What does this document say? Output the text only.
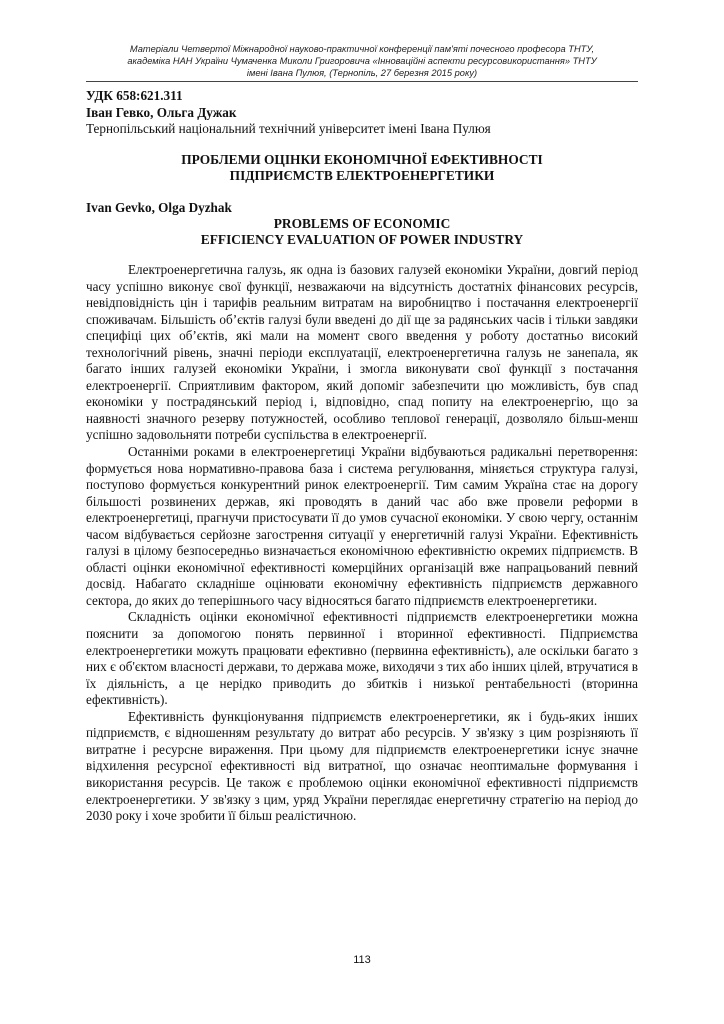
Матеріали Четвертої Міжнародної науково-практичної конференції пам'яті почесного професора ТНТУ,
академіка НАН України Чумаченка Миколи Григоровича «Інноваційні аспекти ресурсовикористання» ТНТУ
імені Івана Пулюя, (Тернопіль, 27 березня 2015 року)
УДК 658:621.311
Іван Гевко, Ольга Дужак
Тернопільський національний технічний університет імені Івана Пулюя
ПРОБЛЕМИ ОЦІНКИ ЕКОНОМІЧНОЇ ЕФЕКТИВНОСТІ
ПІДПРИЄМСТВ ЕЛЕКТРОЕНЕРГЕТИКИ
Ivan Gevko, Olga Dyzhak
PROBLEMS OF ECONOMIC
EFFICIENCY EVALUATION OF POWER INDUSTRY

Електроенергетична галузь, як одна із базових галузей економіки України, довгий період часу успішно виконує свої функції, незважаючи на відсутність достатніх фінансових ресурсів, невідповідність цін і тарифів реальним витратам на виробництво і постачання електроенергії споживачам. Більшість об’єктів галузі були введені до дії ще за радянських часів і тільки завдяки специфіці цих об’єктів, які мали на момент свого введення у роботу достатньо високий технологічний рівень, значні періоди експлуатації, електроенергетична галузь не занепала, як багато інших галузей економіки України, і змогла виконувати свої функції з постачання електроенергії. Сприятливим фактором, який допоміг забезпечити цю можливість, був спад економіки у пострадянський період і, відповідно, спад попиту на електроенергію, що за наявності значного резерву потужностей, особливо теплової генерації, дозволяло більш-менш успішно задовольняти потреби суспільства в електроенергії.

Останніми роками в електроенергетиці України відбуваються радикальні перетворення: формується нова нормативно-правова база і система регулювання, міняється структура галузі, поступово формується конкурентний ринок електроенергії. Тим самим Україна стає на дорогу більшості розвинених держав, які проводять в даний час або вже провели реформи в електроенергетиці, прагнучи пристосувати її до умов сучасної економіки. У свою чергу, останнім часом відбувається серйозне загострення ситуації у енергетичній галузі України. Ефективність галузі в цілому безпосередньо визначається економічною ефективністю окремих підприємств. В області оцінки економічної ефективності комерційних організацій вже напрацьований певний досвід. Набагато складніше оцінювати економічну ефективність підприємств державного сектора, до яких до теперішнього часу відносяться багато підприємств електроенергетики.

Складність оцінки економічної ефективності підприємств електроенергетики можна пояснити за допомогою понять первинної і вторинної ефективності. Підприємства електроенергетики можуть працювати ефективно (первинна ефективність), але оскільки багато з них є об'єктом власності держави, то держава може, виходячи з тих або інших цілей, втручатися в їх діяльність, а це нерідко приводить до збитків і низької рентабельності (вторинна ефективність).

Ефективність функціонування підприємств електроенергетики, як і будь-яких інших підприємств, є відношенням результату до витрат або ресурсів. У зв'язку з цим розрізняють її витратне і ресурсне вираження. При цьому для підприємств електроенергетики існує значне відхилення ресурсної ефективності від витратної, що означає неоптимальне формування і використання ресурсів. Це також є проблемою оцінки економічної ефективності підприємств електроенергетики. У зв'язку з цим, уряд України переглядає енергетичну стратегію на період до 2030 року і хоче зробити її більш реалістичною.

113
